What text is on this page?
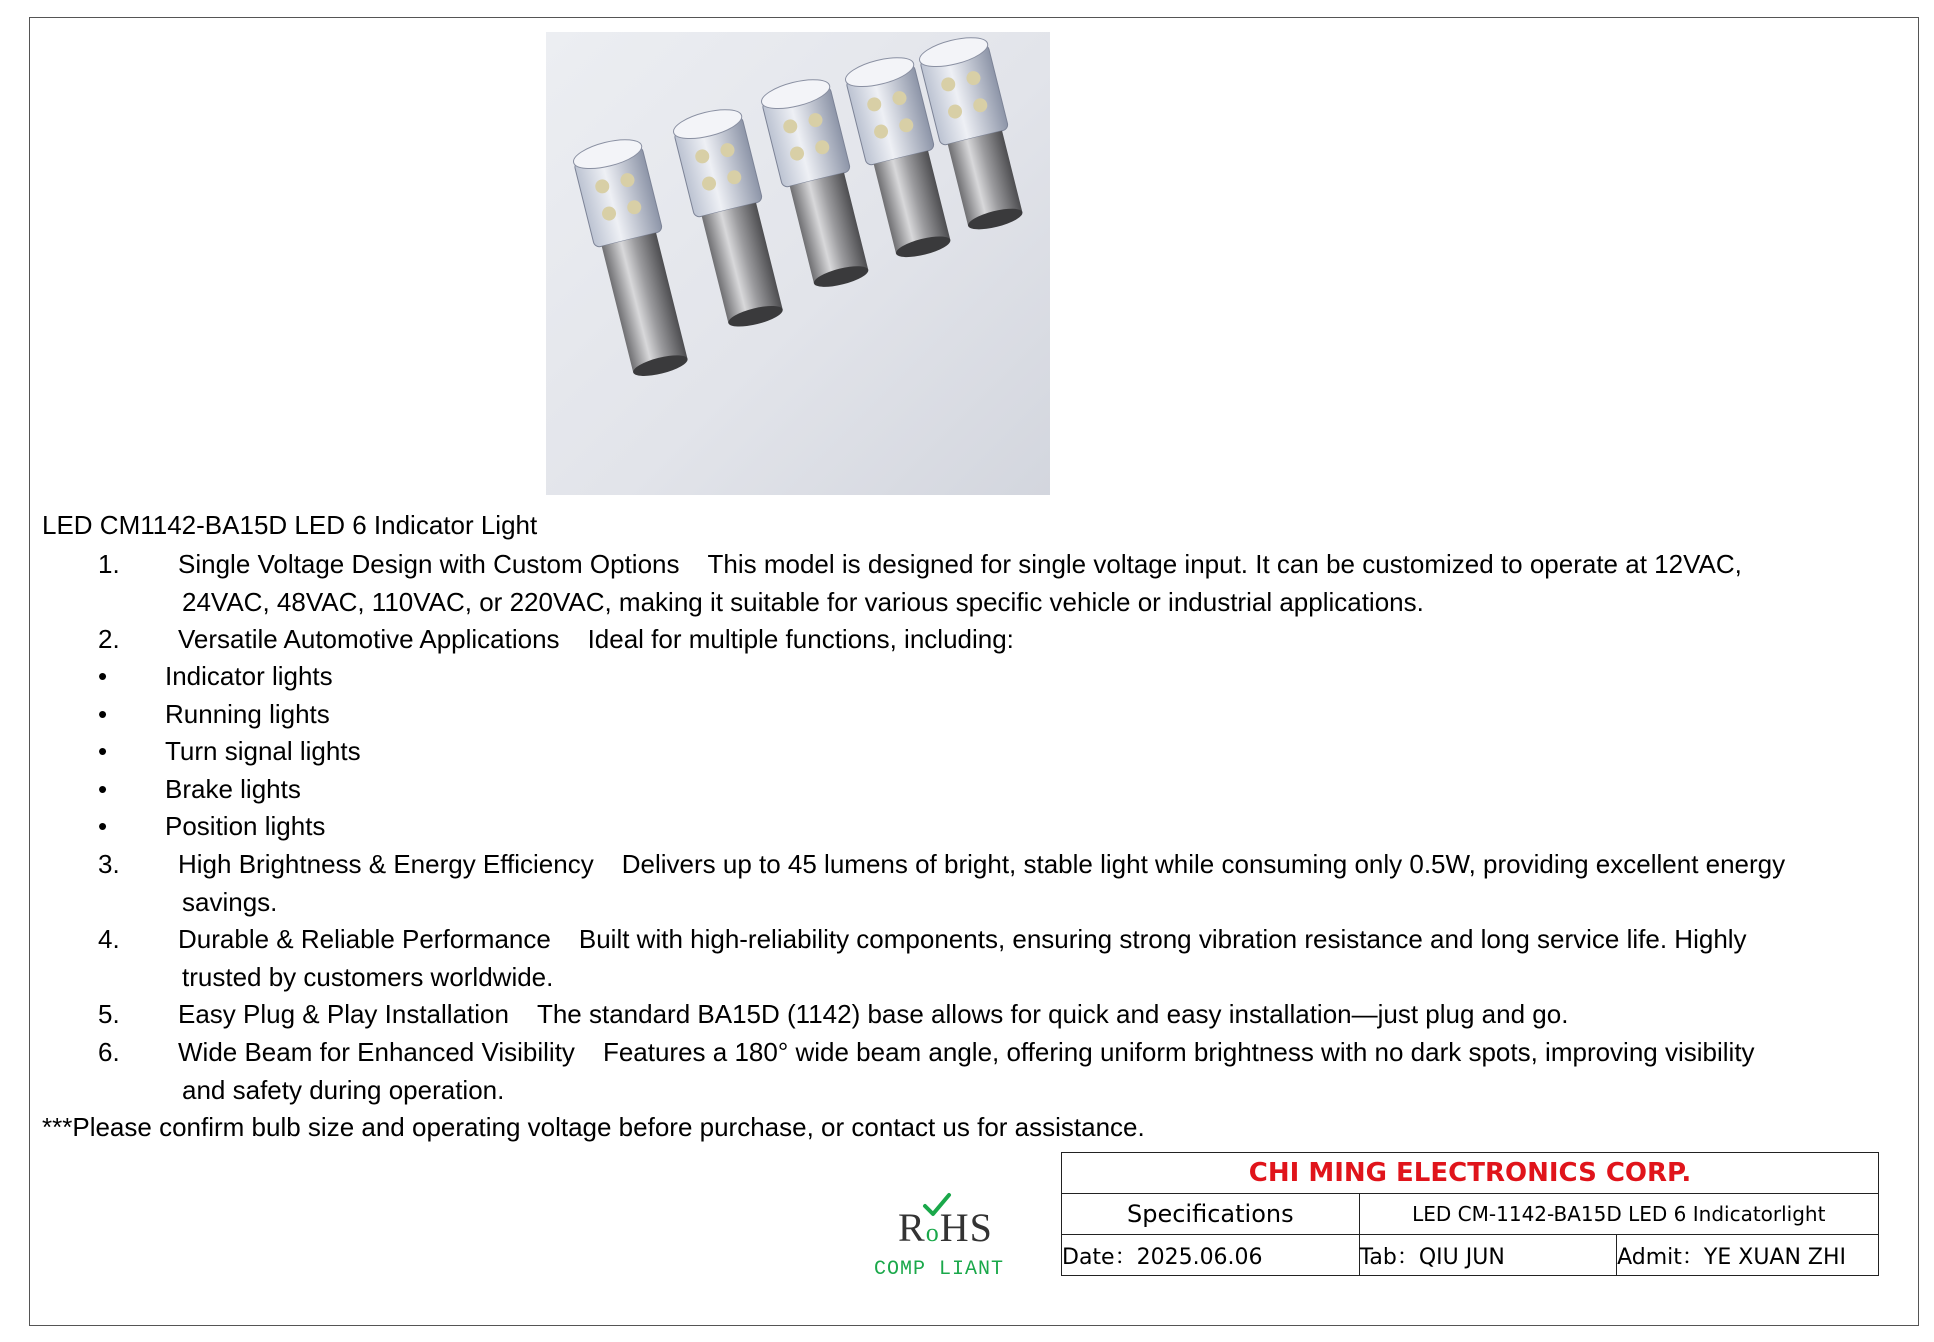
LED CM1142-BA15D LED 6 Indicator Light
1. Single Voltage Design with Custom Options This model is designed for single voltage input. It can be customized to operate at 12VAC,
24VAC, 48VAC, 110VAC, or 220VAC, making it suitable for various specific vehicle or industrial applications.
2. Versatile Automotive Applications Ideal for multiple functions, including:
• Indicator lights
• Running lights
• Turn signal lights
• Brake lights
• Position lights
3. High Brightness & Energy Efficiency Delivers up to 45 lumens of bright, stable light while consuming only 0.5W, providing excellent energy
savings.
4. Durable & Reliable Performance Built with high-reliability components, ensuring strong vibration resistance and long service life. Highly
trusted by customers worldwide.
5. Easy Plug & Play Installation The standard BA15D (1142) base allows for quick and easy installation—just plug and go.
6. Wide Beam for Enhanced Visibility Features a 180° wide beam angle, offering uniform brightness with no dark spots, improving visibility
and safety during operation.
***Please confirm bulb size and operating voltage before purchase, or contact us for assistance.
RoHS
COMP LIANT
CHI MING ELECTRONICS CORP.		
Specifications	LED CM-1142-BA15D LED 6 Indicatorlight	
Date：2025.06.06	Tab：QIU JUN	Admit：YE XUAN ZHI
